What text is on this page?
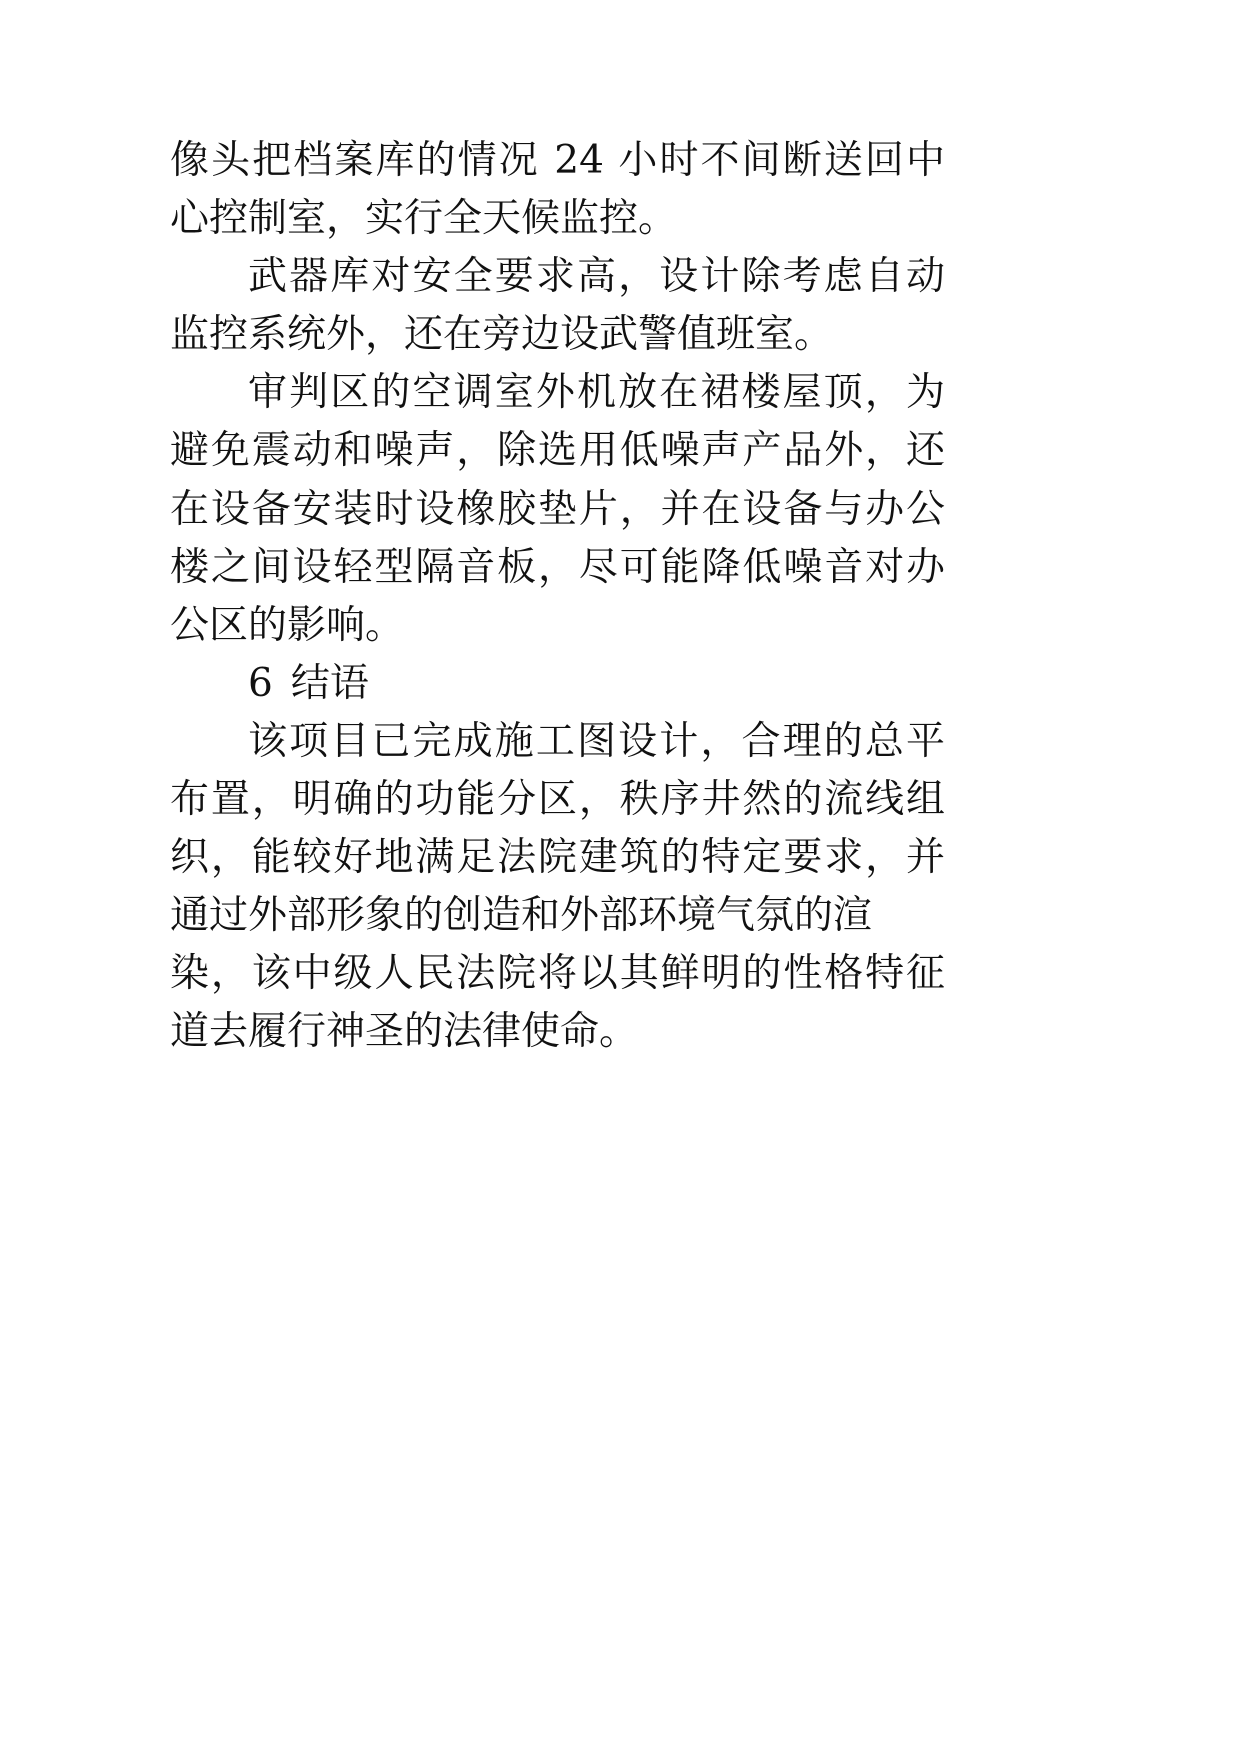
像头把档案库的情况 24 小时不间断送回中
心控制室，实行全天候监控。
武器库对安全要求高，设计除考虑自动
监控系统外，还在旁边设武警值班室。
审判区的空调室外机放在裙楼屋顶，为
避免震动和噪声，除选用低噪声产品外，还
在设备安装时设橡胶垫片，并在设备与办公
楼之间设轻型隔音板，尽可能降低噪音对办
公区的影响。
6 结语
该项目已完成施工图设计，合理的总平
布置，明确的功能分区，秩序井然的流线组
织，能较好地满足法院建筑的特定要求，并
通过外部形象的创造和外部环境气氛的渲
染，该中级人民法院将以其鲜明的性格特征
道去履行神圣的法律使命。
